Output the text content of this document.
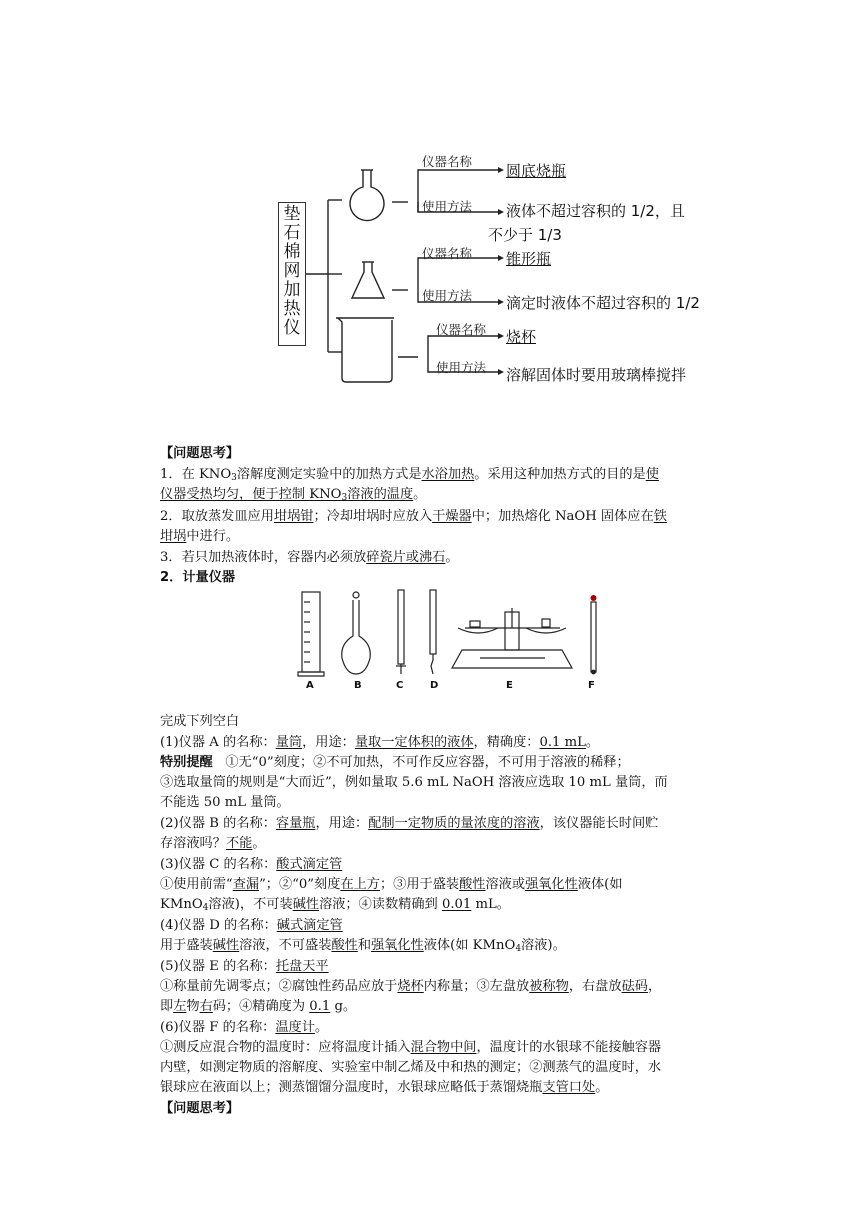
垫
石
棉
网
加
热
仪
仪器名称
圆底烧瓶
使用方法 液体不超过容积的 1/2，且
不少于 1/3
仪器名称 锥形瓶
使用方法 滴定时液体不超过容积的 1/2
仪器名称 烧杯
使用方法 溶解固体时要用玻璃棒搅拌
【问题思考】
1．在 $KNO_3$溶解度测定实验中的加热方式是水浴加热。采用这种加热方式的目的是使
仪器受热均匀，便于控制 $KNO_3$溶液的温度。
2．取放蒸发皿应用坩埚钳；冷却坩埚时应放入干燥器中；加热熔化 NaOH 固体应在铁
坩埚中进行。
3．若只加热液体时，容器内必须放碎瓷片或沸石。
2．计量仪器
A	B	C	D	E	F
完成下列空白
(1)仪器 A 的名称：量筒，用途：量取一定体积的液体，精确度：0.1 mL。
特别提醒 ①无“0”刻度；②不可加热，不可作反应容器，不可用于溶液的稀释；
③选取量筒的规则是“大而近”，例如量取 5.6 mL NaOH 溶液应选取 10 mL 量筒，而
不能选 50 mL 量筒。
(2)仪器 B 的名称：容量瓶，用途：配制一定物质的量浓度的溶液，该仪器能长时间贮
存溶液吗？不能。
(3)仪器 C 的名称：酸式滴定管
①使用前需“查漏”；②“0”刻度在上方；③用于盛装酸性溶液或强氧化性液体(如
KMnO$_4$溶液)，不可装碱性溶液；④读数精确到 0.01 mL。
(4)仪器 D 的名称：碱式滴定管
用于盛装碱性溶液，不可盛装酸性和强氧化性液体(如 KMnO$_4$溶液)。
(5)仪器 E 的名称：托盘天平
①称量前先调零点；②腐蚀性药品应放于烧杯内称量；③左盘放被称物，右盘放砝码，
即左物右码；④精确度为 0.1 g。
(6)仪器 F 的名称：温度计。
①测反应混合物的温度时：应将温度计插入混合物中间，温度计的水银球不能接触容器
内壁，如测定物质的溶解度、实验室中制乙烯及中和热的测定；②测蒸气的温度时，水
银球应在液面以上；测蒸馏馏分温度时，水银球应略低于蒸馏烧瓶支管口处。
【问题思考】
